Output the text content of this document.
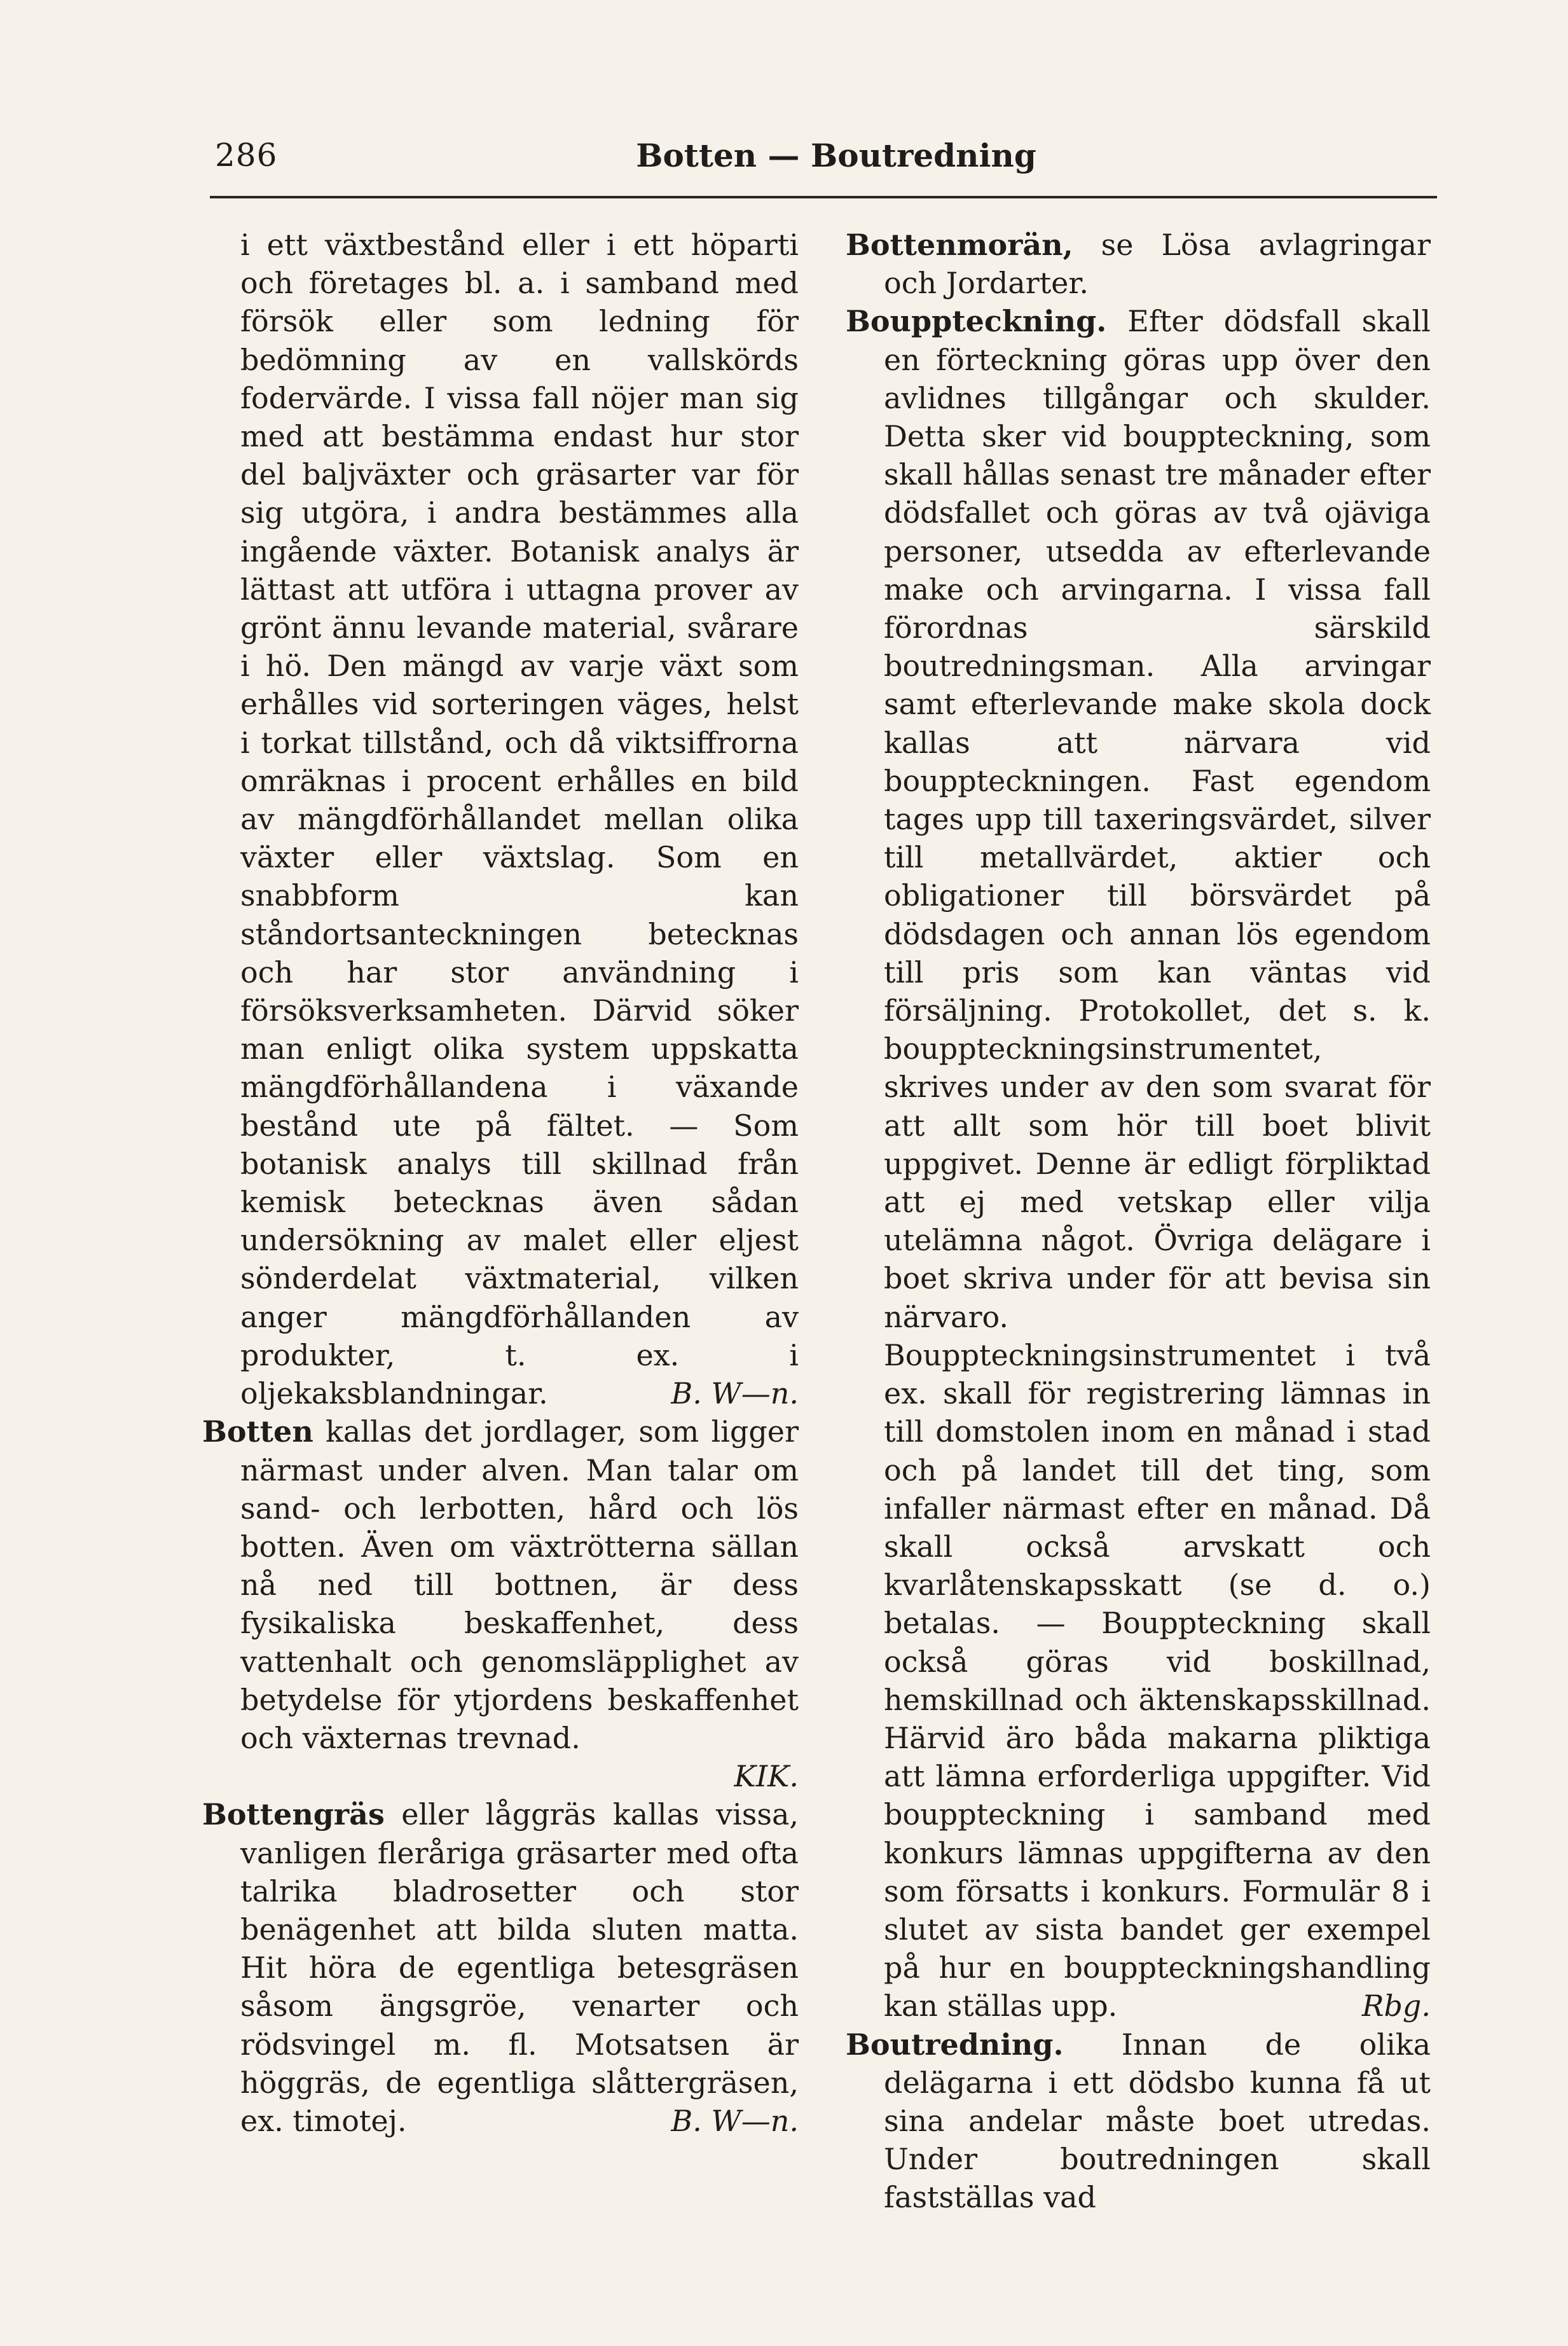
286	Botten — Boutredning

i ett växtbestånd eller i ett höparti och företages bl. a. i samband med försök eller som ledning för bedömning av en vallskörds fodervärde. I vissa fall nöjer man sig med att bestämma endast hur stor del baljväxter och gräsarter var för sig utgöra, i andra bestämmes alla ingående växter. Botanisk analys är lättast att utföra i uttagna prover av grönt ännu levande material, svårare i hö. Den mängd av varje växt som erhålles vid sorteringen väges, helst i torkat tillstånd, och då viktsiffrorna omräknas i procent erhålles en bild av mängdförhållandet mellan olika växter eller växtslag. Som en snabbform kan ståndortsanteckningen betecknas och har stor användning i försöksverksamheten. Därvid söker man enligt olika system uppskatta mängdförhållandena i växande bestånd ute på fältet. — Som botanisk analys till skillnad från kemisk betecknas även sådan undersökning av malet eller eljest sönderdelat växtmaterial, vilken anger mängdförhållanden av produkter, t. ex. i oljekaksblandningar.	B. W—n.

Botten kallas det jordlager, som ligger närmast under alven. Man talar om sand- och lerbotten, hård och lös botten. Även om växtrötterna sällan nå ned till bottnen, är dess fysikaliska beskaffenhet, dess vattenhalt och genomsläpplighet av betydelse för ytjordens beskaffenhet och växternas trevnad.
KIK.

Bottengräs eller låggräs kallas vissa, vanligen fleråriga gräsarter med ofta talrika bladrosetter och stor benägenhet att bilda sluten matta. Hit höra de egentliga betesgräsen såsom ängsgröe, venarter och rödsvingel m. fl. Motsatsen är höggräs, de egentliga slåttergräsen, ex. timotej.	B. W—n.

Bottenmorän, se Lösa avlagringar och Jordarter.

Bouppteckning. Efter dödsfall skall en förteckning göras upp över den avlidnes tillgångar och skulder. Detta sker vid bouppteckning, som skall hållas senast tre månader efter dödsfallet och göras av två ojäviga personer, utsedda av efterlevande make och arvingarna. I vissa fall förordnas särskild boutredningsman. Alla arvingar samt efterlevande make skola dock kallas att närvara vid bouppteckningen. Fast egendom tages upp till taxeringsvärdet, silver till metallvärdet, aktier och obligationer till börsvärdet på dödsdagen och annan lös egendom till pris som kan väntas vid försäljning. Protokollet, det s. k. bouppteckningsinstrumentet, skrives under av den som svarat för att allt som hör till boet blivit uppgivet. Denne är edligt förpliktad att ej med vetskap eller vilja utelämna något. Övriga delägare i boet skriva under för att bevisa sin närvaro. Bouppteckningsinstrumentet i två ex. skall för registrering lämnas in till domstolen inom en månad i stad och på landet till det ting, som infaller närmast efter en månad. Då skall också arvskatt och kvarlåtenskapsskatt (se d. o.) betalas. — Bouppteckning skall också göras vid boskillnad, hemskillnad och äktenskapsskillnad. Härvid äro båda makarna pliktiga att lämna erforderliga uppgifter. Vid bouppteckning i samband med konkurs lämnas uppgifterna av den som försatts i konkurs. Formulär 8 i slutet av sista bandet ger exempel på hur en bouppteckningshandling kan ställas upp.	Rbg.

Boutredning. Innan de olika delägarna i ett dödsbo kunna få ut sina andelar måste boet utredas. Under boutredningen skall fastställas vad
